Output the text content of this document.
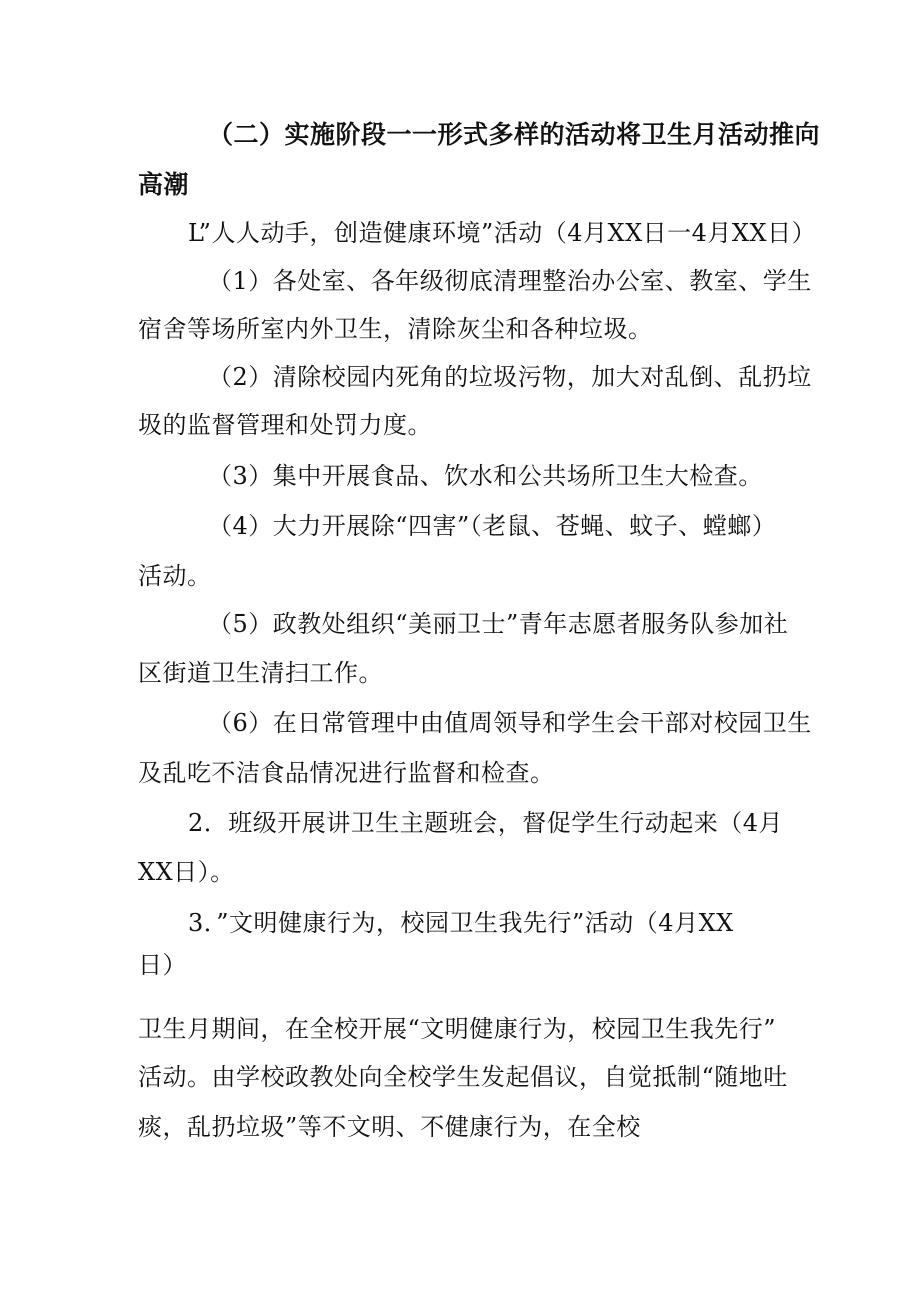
（二）实施阶段一一形式多样的活动将卫生月活动推向
高潮
L”人人动手，创造健康环境”活动（4月XX日一4月XX日）
（1）各处室、各年级彻底清理整治办公室、教室、学生
宿舍等场所室内外卫生，清除灰尘和各种垃圾。
（2）清除校园内死角的垃圾污物，加大对乱倒、乱扔垃
圾的监督管理和处罚力度。
（3）集中开展食品、饮水和公共场所卫生大检查。
（4）大力开展除“四害”（老鼠、苍蝇、蚊子、螳螂）
活动。
（5）政教处组织“美丽卫士”青年志愿者服务队参加社
区街道卫生清扫工作。
（6）在日常管理中由值周领导和学生会干部对校园卫生
及乱吃不洁食品情况进行监督和检查。
2．班级开展讲卫生主题班会，督促学生行动起来（4月
XX日）。
3．”文明健康行为，校园卫生我先行”活动（4月XX
日）
卫生月期间，在全校开展“文明健康行为，校园卫生我先行”
活动。由学校政教处向全校学生发起倡议，自觉抵制“随地吐
痰，乱扔垃圾”等不文明、不健康行为，在全校
